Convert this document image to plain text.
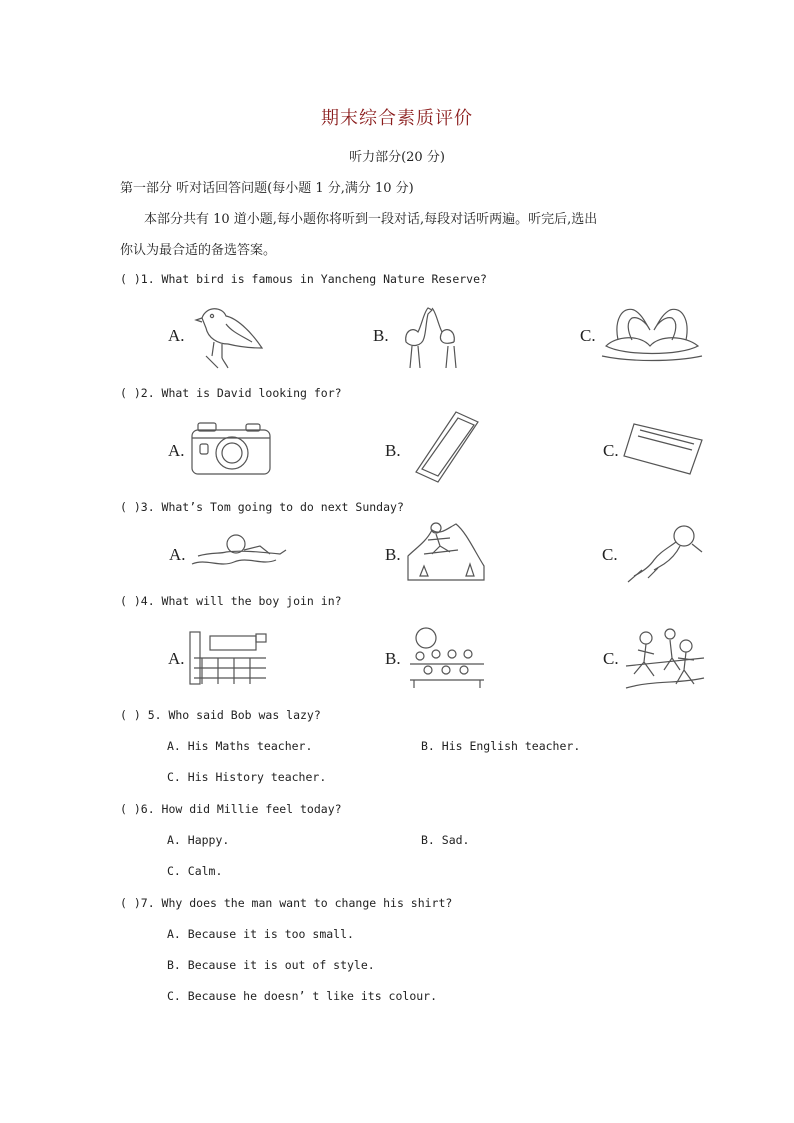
期末综合素质评价
听力部分(20 分)
第一部分 听对话回答问题(每小题 1 分,满分 10 分)
本部分共有 10 道小题,每小题你将听到一段对话,每段对话听两遍。听完后,选出
你认为最合适的备选答案。
( )1. What bird is famous in Yancheng Nature Reserve?
A.	B.	C.
( )2. What is David looking for?
A.	B.	C.
( )3. What’s Tom going to do next Sunday?
A.	B.	C.
( )4. What will the boy join in?
A.	B.	C.
( ) 5. Who said Bob was lazy?
A. His Maths teacher.	B. His English teacher.
C. His History teacher.
( )6. How did Millie feel today?
A. Happy.	B. Sad.
C. Calm.
( )7. Why does the man want to change his shirt?
A. Because it is too small.
B. Because it is out of style.
C. Because he doesn’ t like its colour.
